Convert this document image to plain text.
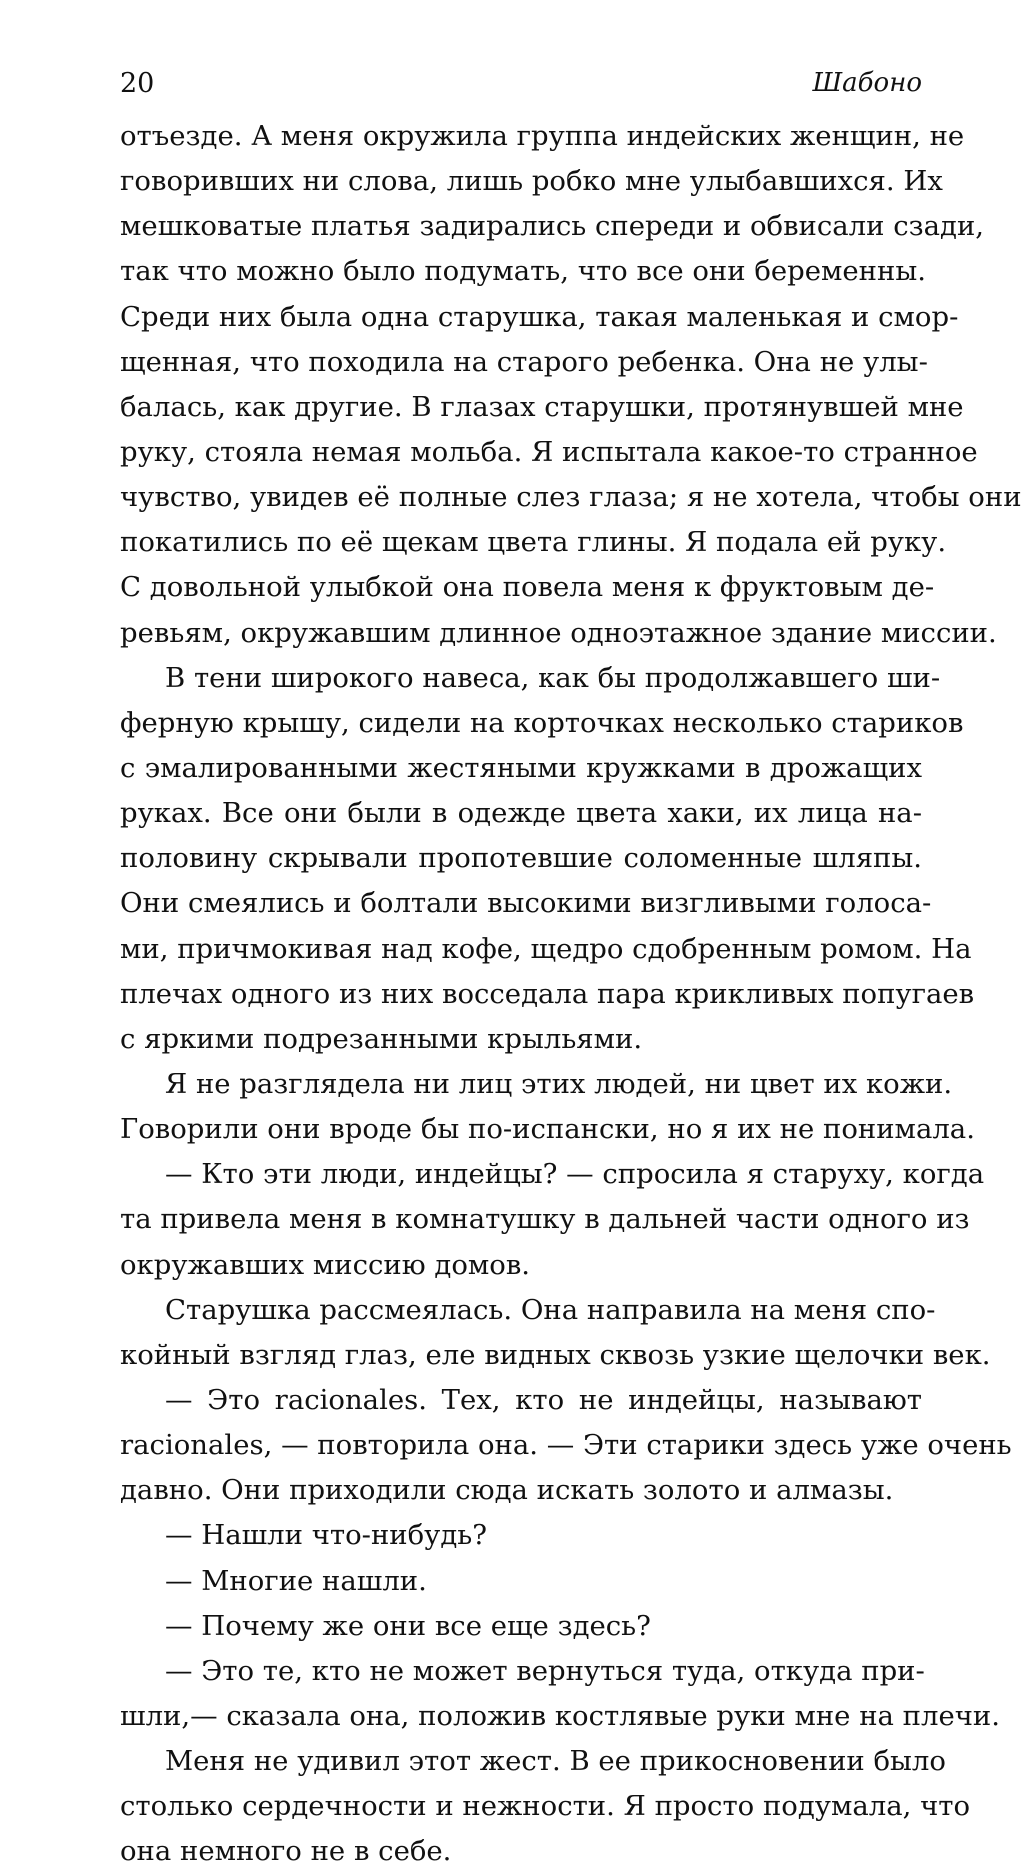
20	Шабоно
отъезде. А меня окружила группа индейских женщин, не
говоривших ни слова, лишь робко мне улыбавшихся. Их
мешковатые платья задирались спереди и обвисали сзади,
так что можно было подумать, что все они беременны.
Среди них была одна старушка, такая маленькая и смор-
щенная, что походила на старого ребенка. Она не улы-
балась, как другие. В глазах старушки, протянувшей мне
руку, стояла немая мольба. Я испытала какое-то странное
чувство, увидев её полные слез глаза; я не хотела, чтобы они
покатились по её щекам цвета глины. Я подала ей руку.
С довольной улыбкой она повела меня к фруктовым де-
ревьям, окружавшим длинное одноэтажное здание миссии.
В тени широкого навеса, как бы продолжавшего ши-
ферную крышу, сидели на корточках несколько стариков
с эмалированными жестяными кружками в дрожащих
руках. Все они были в одежде цвета хаки, их лица на-
половину скрывали пропотевшие соломенные шляпы.
Они смеялись и болтали высокими визгливыми голоса-
ми, причмокивая над кофе, щедро сдобренным ромом. На
плечах одного из них восседала пара крикливых попугаев
с яркими подрезанными крыльями.
Я не разглядела ни лиц этих людей, ни цвет их кожи.
Говорили они вроде бы по-испански, но я их не понимала.
— Кто эти люди, индейцы? — спросила я старуху, когда
та привела меня в комнатушку в дальней части одного из
окружавших миссию домов.
Старушка рассмеялась. Она направила на меня спо-
койный взгляд глаз, еле видных сквозь узкие щелочки век.
— Это racionales. Тех, кто не индейцы, называют
racionales, — повторила она. — Эти старики здесь уже очень
давно. Они приходили сюда искать золото и алмазы.
— Нашли что-нибудь?
— Многие нашли.
— Почему же они все еще здесь?
— Это те, кто не может вернуться туда, откуда при-
шли,— сказала она, положив костлявые руки мне на плечи.
Меня не удивил этот жест. В ее прикосновении было
столько сердечности и нежности. Я просто подумала, что
она немного не в себе.
